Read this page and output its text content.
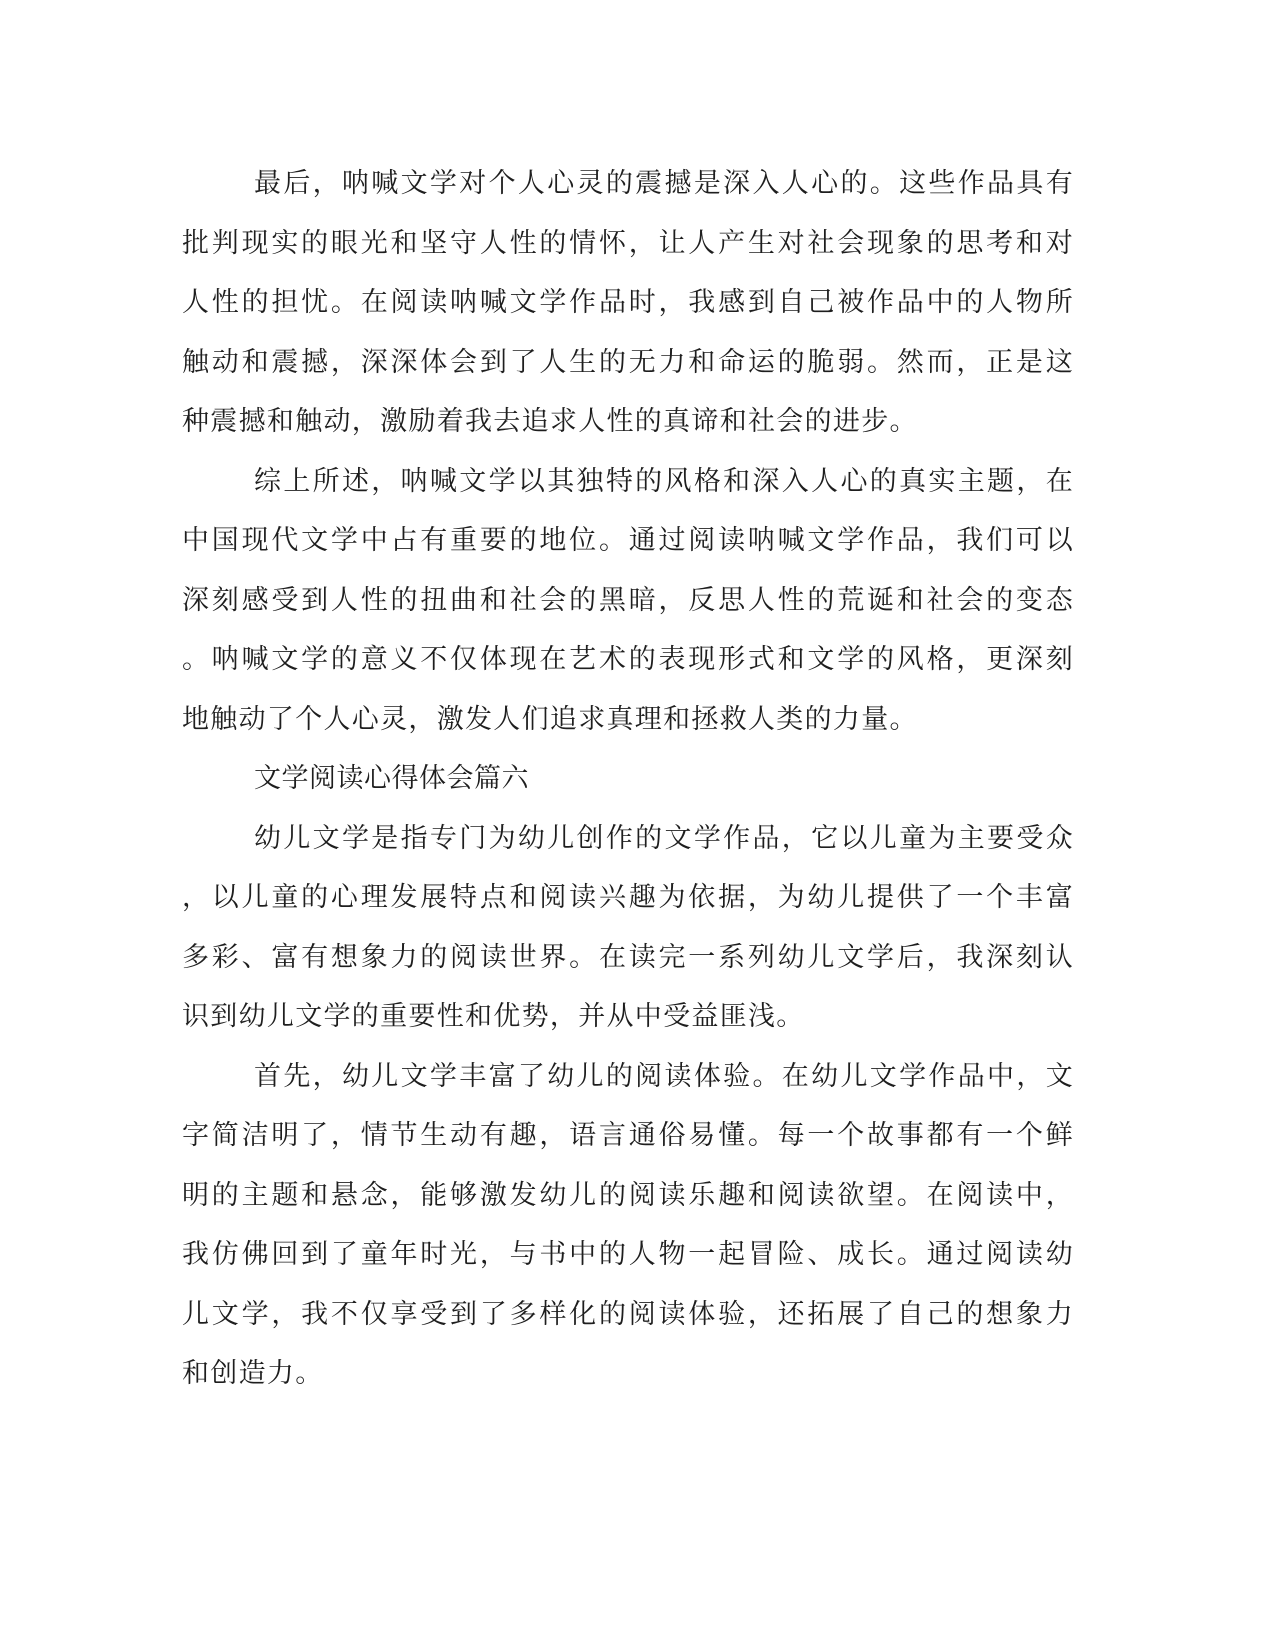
最后，呐喊文学对个人心灵的震撼是深入人心的。这些作品具有
批判现实的眼光和坚守人性的情怀，让人产生对社会现象的思考和对
人性的担忧。在阅读呐喊文学作品时，我感到自己被作品中的人物所
触动和震撼，深深体会到了人生的无力和命运的脆弱。然而，正是这
种震撼和触动，激励着我去追求人性的真谛和社会的进步。
综上所述，呐喊文学以其独特的风格和深入人心的真实主题，在
中国现代文学中占有重要的地位。通过阅读呐喊文学作品，我们可以
深刻感受到人性的扭曲和社会的黑暗，反思人性的荒诞和社会的变态
。呐喊文学的意义不仅体现在艺术的表现形式和文学的风格，更深刻
地触动了个人心灵，激发人们追求真理和拯救人类的力量。
文学阅读心得体会篇六
幼儿文学是指专门为幼儿创作的文学作品，它以儿童为主要受众
，以儿童的心理发展特点和阅读兴趣为依据，为幼儿提供了一个丰富
多彩、富有想象力的阅读世界。在读完一系列幼儿文学后，我深刻认
识到幼儿文学的重要性和优势，并从中受益匪浅。
首先，幼儿文学丰富了幼儿的阅读体验。在幼儿文学作品中，文
字简洁明了，情节生动有趣，语言通俗易懂。每一个故事都有一个鲜
明的主题和悬念，能够激发幼儿的阅读乐趣和阅读欲望。在阅读中，
我仿佛回到了童年时光，与书中的人物一起冒险、成长。通过阅读幼
儿文学，我不仅享受到了多样化的阅读体验，还拓展了自己的想象力
和创造力。
